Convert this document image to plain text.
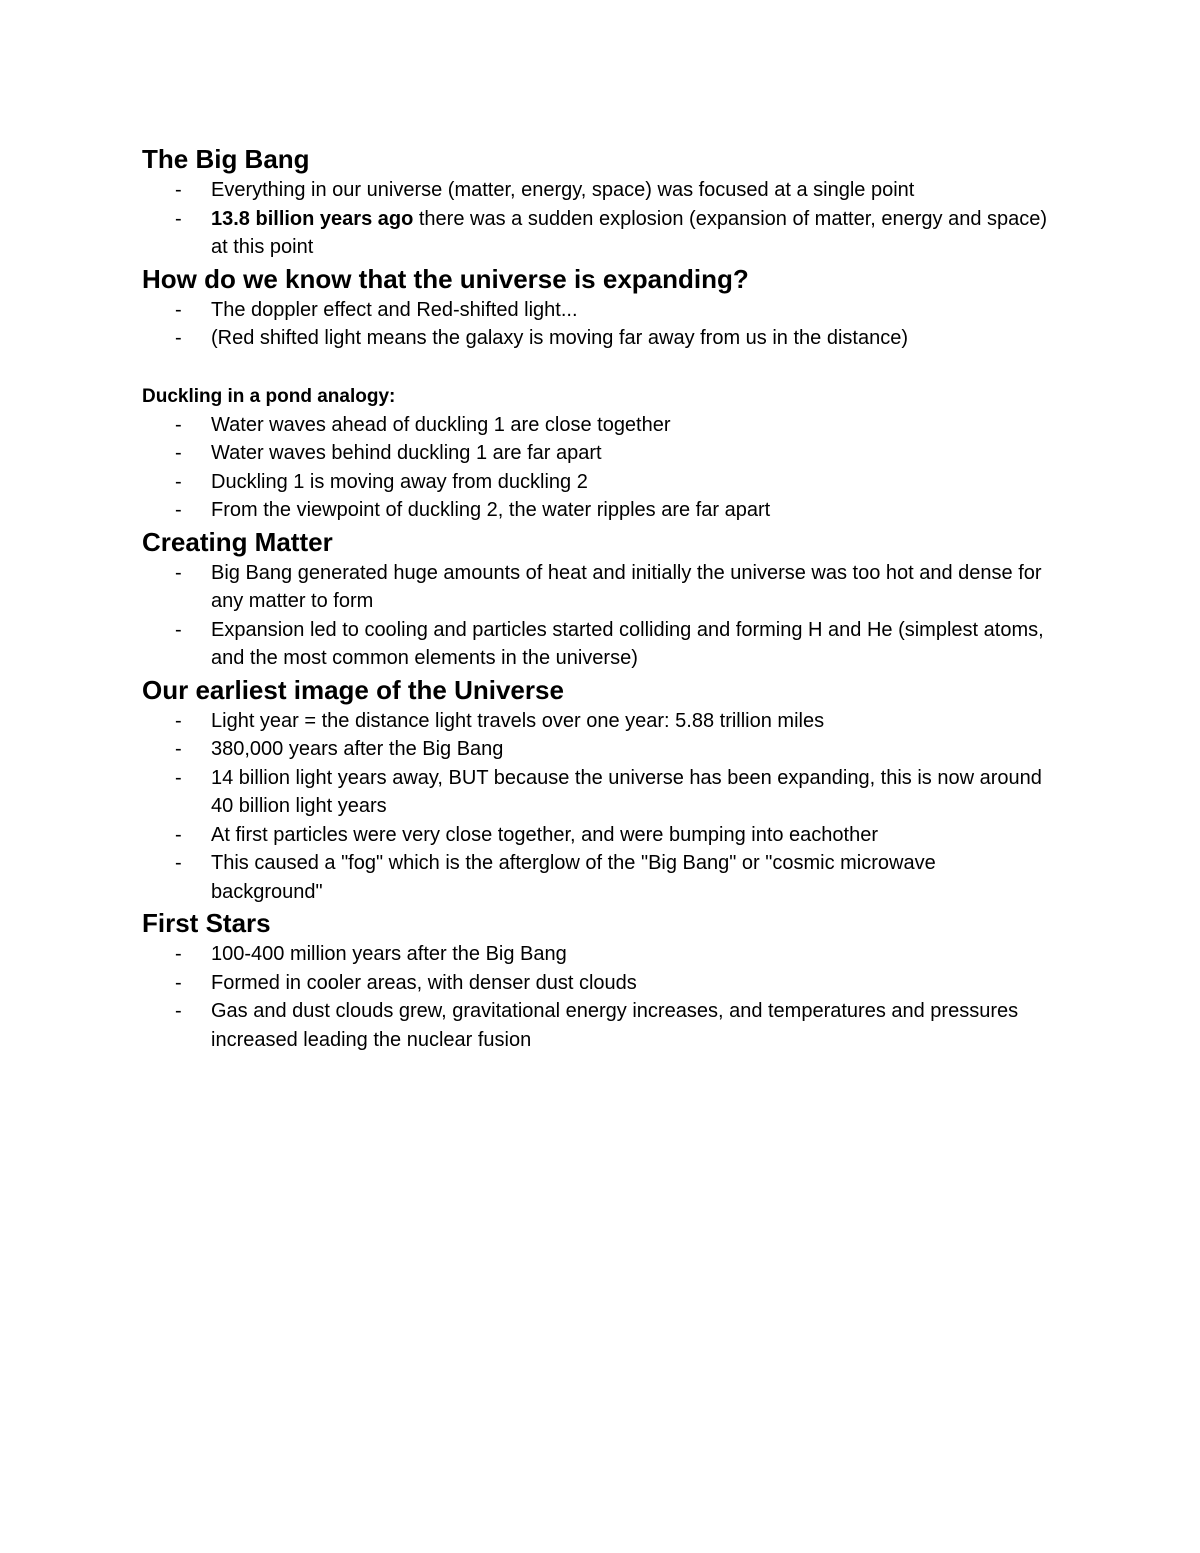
The Big Bang
- Everything in our universe (matter, energy, space) was focused at a single point
- 13.8 billion years ago there was a sudden explosion (expansion of matter, energy and space) at this point
How do we know that the universe is expanding?
- The doppler effect and Red-shifted light...
- (Red shifted light means the galaxy is moving far away from us in the distance)
Duckling in a pond analogy:
- Water waves ahead of duckling 1 are close together
- Water waves behind duckling 1 are far apart
- Duckling 1 is moving away from duckling 2
- From the viewpoint of duckling 2, the water ripples are far apart
Creating Matter
- Big Bang generated huge amounts of heat and initially the universe was too hot and dense for any matter to form
- Expansion led to cooling and particles started colliding and forming H and He (simplest atoms, and the most common elements in the universe)
Our earliest image of the Universe
- Light year = the distance light travels over one year: 5.88 trillion miles
- 380,000 years after the Big Bang
- 14 billion light years away, BUT because the universe has been expanding, this is now around 40 billion light years
- At first particles were very close together, and were bumping into eachother
- This caused a "fog" which is the afterglow of the "Big Bang" or "cosmic microwave background"
First Stars
- 100-400 million years after the Big Bang
- Formed in cooler areas, with denser dust clouds
- Gas and dust clouds grew, gravitational energy increases, and temperatures and pressures increased leading the nuclear fusion
